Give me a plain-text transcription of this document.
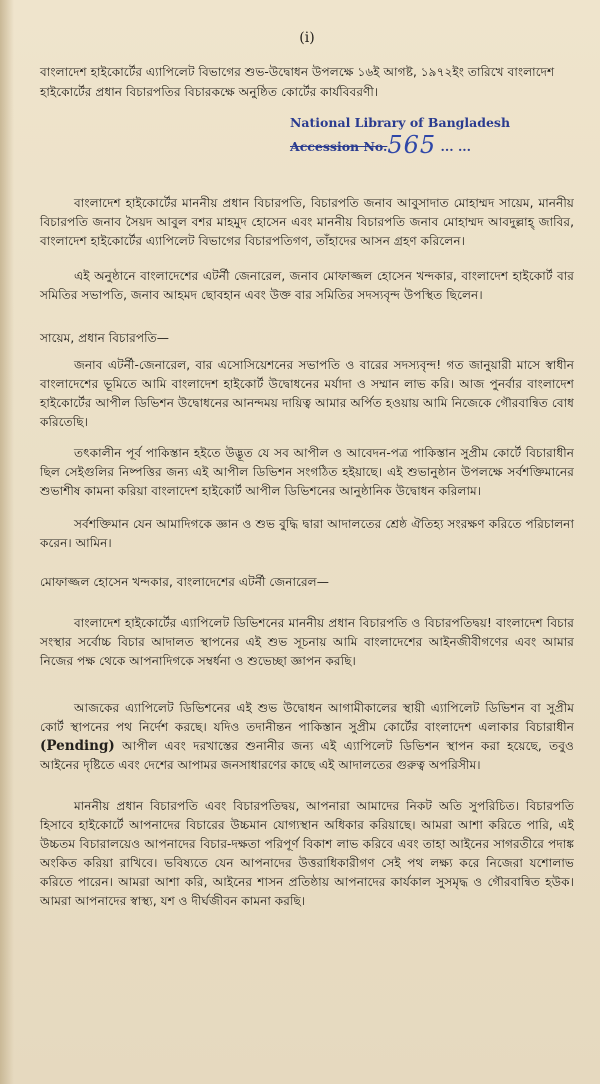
(i)

বাংলাদেশ হাইকোর্টের এ্যাপিলেট বিভাগের শুভ-উদ্বোধন উপলক্ষে ১৬ই আগষ্ট, ১৯৭২ইং তারিখে বাংলাদেশ হাইকোর্টের প্রধান বিচারপতির বিচারকক্ষে অনুষ্ঠিত কোর্টের কার্যবিবরণী।

National Library of Bangladesh
Accession No.565 ... ...

বাংলাদেশ হাইকোর্টের মাননীয় প্রধান বিচারপতি, বিচারপতি জনাব আবুসাদাত মোহাম্মদ সায়েম, মাননীয় বিচারপতি জনাব সৈয়দ আবুল বশর মাহমুদ হোসেন এবং মাননীয় বিচারপতি জনাব মোহাম্মদ আবদুল্লাহ্‌ জাবির, বাংলাদেশ হাইকোর্টের এ্যাপিলেট বিভাগের বিচারপতিগণ, তাঁহাদের আসন গ্রহণ করিলেন।

এই অনুষ্ঠানে বাংলাদেশের এটর্নী জেনারেল, জনাব মোফাজ্জল হোসেন খন্দকার, বাংলাদেশ হাইকোর্ট বার সমিতির সভাপতি, জনাব আহমদ ছোবহান এবং উক্ত বার সমিতির সদস্যবৃন্দ উপস্থিত ছিলেন।

সায়েম, প্রধান বিচারপতি—

জনাব এটর্নী-জেনারেল, বার এসোসিয়েশনের সভাপতি ও বারের সদস্যবৃন্দ! গত জানুয়ারী মাসে স্বাধীন বাংলাদেশের ভূমিতে আমি বাংলাদেশ হাইকোর্ট উদ্বোধনের মর্যাদা ও সম্মান লাভ করি। আজ পুনর্বার বাংলাদেশ হাইকোর্টের আপীল ডিভিশন উদ্বোধনের আনন্দময় দায়িত্ব আমার অর্পিত হওয়ায় আমি নিজেকে গৌরবান্বিত বোধ করিতেছি।

তৎকালীন পূর্ব পাকিস্তান হইতে উদ্ভূত যে সব আপীল ও আবেদন-পত্র পাকিস্তান সুপ্রীম কোর্টে বিচারাধীন ছিল সেইগুলির নিষ্পত্তির জন্য এই আপীল ডিভিশন সংগঠিত হইয়াছে। এই শুভানুষ্ঠান উপলক্ষে সর্বশক্তিমানের শুভাশীষ কামনা করিয়া বাংলাদেশ হাইকোর্ট আপীল ডিভিশনের আনুষ্ঠানিক উদ্বোধন করিলাম।

সর্বশক্তিমান যেন আমাদিগকে জ্ঞান ও শুভ বুদ্ধি দ্বারা আদালতের শ্রেষ্ঠ ঐতিহ্য সংরক্ষণ করিতে পরিচালনা করেন। আমিন।

মোফাজ্জল হোসেন খন্দকার, বাংলাদেশের এটর্নী জেনারেল—

বাংলাদেশ হাইকোর্টের এ্যাপিলেট ডিভিশনের মাননীয় প্রধান বিচারপতি ও বিচারপতিদ্বয়! বাংলাদেশ বিচার সংস্থার সর্বোচ্চ বিচার আদালত স্থাপনের এই শুভ সূচনায় আমি বাংলাদেশের আইনজীবীগণের এবং আমার নিজের পক্ষ থেকে আপনাদিগকে সম্বর্ধনা ও শুভেচ্ছা জ্ঞাপন করছি।

আজকের এ্যাপিলেট ডিভিশনের এই শুভ উদ্বোধন আগামীকালের স্থায়ী এ্যাপিলেট ডিভিশন বা সুপ্রীম কোর্ট স্থাপনের পথ নির্দেশ করছে। যদিও তদানীন্তন পাকিস্তান সুপ্রীম কোর্টের বাংলাদেশ এলাকার বিচারাধীন (Pending) আপীল এবং দরখাস্তের শুনানীর জন্য এই এ্যাপিলেট ডিভিশন স্থাপন করা হয়েছে, তবুও আইনের দৃষ্টিতে এবং দেশের আপামর জনসাধারণের কাছে এই আদালতের গুরুত্ব অপরিসীম।

মাননীয় প্রধান বিচারপতি এবং বিচারপতিদ্বয়, আপনারা আমাদের নিকট অতি সুপরিচিত। বিচারপতি হিসাবে হাইকোর্টে আপনাদের বিচারের উচ্চমান যোগ্যস্থান অধিকার করিয়াছে। আমরা আশা করিতে পারি, এই উচ্চতম বিচারালয়েও আপনাদের বিচার-দক্ষতা পরিপূর্ণ বিকাশ লাভ করিবে এবং তাহা আইনের সাগরতীরে পদাঙ্ক অংকিত করিয়া রাখিবে। ভবিষ্যতে যেন আপনাদের উত্তরাধিকারীগণ সেই পথ লক্ষ্য করে নিজেরা যশোলাভ করিতে পারেন। আমরা আশা করি, আইনের শাসন প্রতিষ্ঠায় আপনাদের কার্যকাল সুসমৃদ্ধ ও গৌরবান্বিত হউক। আমরা আপনাদের স্বাস্থ্য, যশ ও দীর্ঘজীবন কামনা করছি।
